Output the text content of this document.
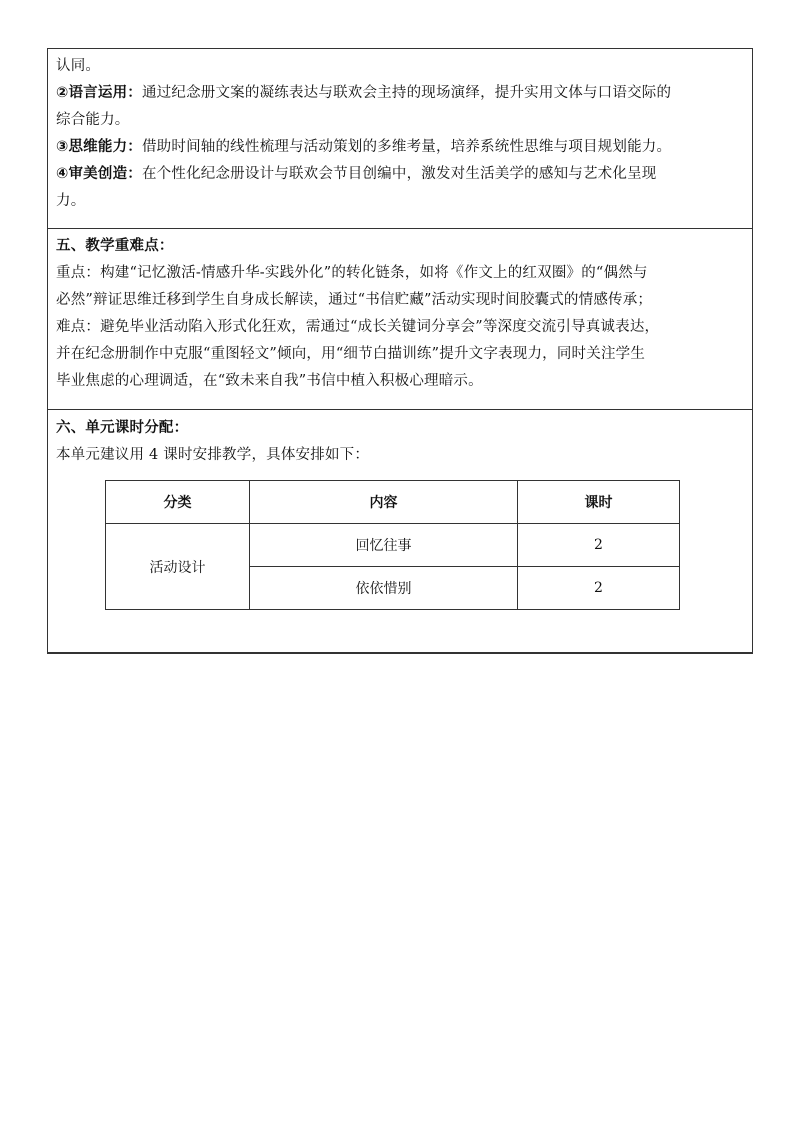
认同。

②语言运用：通过纪念册文案的凝练表达与联欢会主持的现场演绎，提升实用文体与口语交际的

综合能力。

③思维能力：借助时间轴的线性梳理与活动策划的多维考量，培养系统性思维与项目规划能力。

④审美创造：在个性化纪念册设计与联欢会节目创编中，激发对生活美学的感知与艺术化呈现

力。

五、教学重难点：

重点：构建“记忆激活-情感升华-实践外化”的转化链条，如将《作文上的红双圈》的“偶然与

必然”辩证思维迁移到学生自身成长解读，通过“书信贮藏”活动实现时间胶囊式的情感传承；

难点：避免毕业活动陷入形式化狂欢，需通过“成长关键词分享会”等深度交流引导真诚表达，

并在纪念册制作中克服“重图轻文”倾向，用“细节白描训练”提升文字表现力，同时关注学生

毕业焦虑的心理调适，在“致未来自我”书信中植入积极心理暗示。

六、单元课时分配：

本单元建议用 4 课时安排教学，具体安排如下：

分类	内容	课时
活动设计	回忆往事	2
	依依惜别	2
